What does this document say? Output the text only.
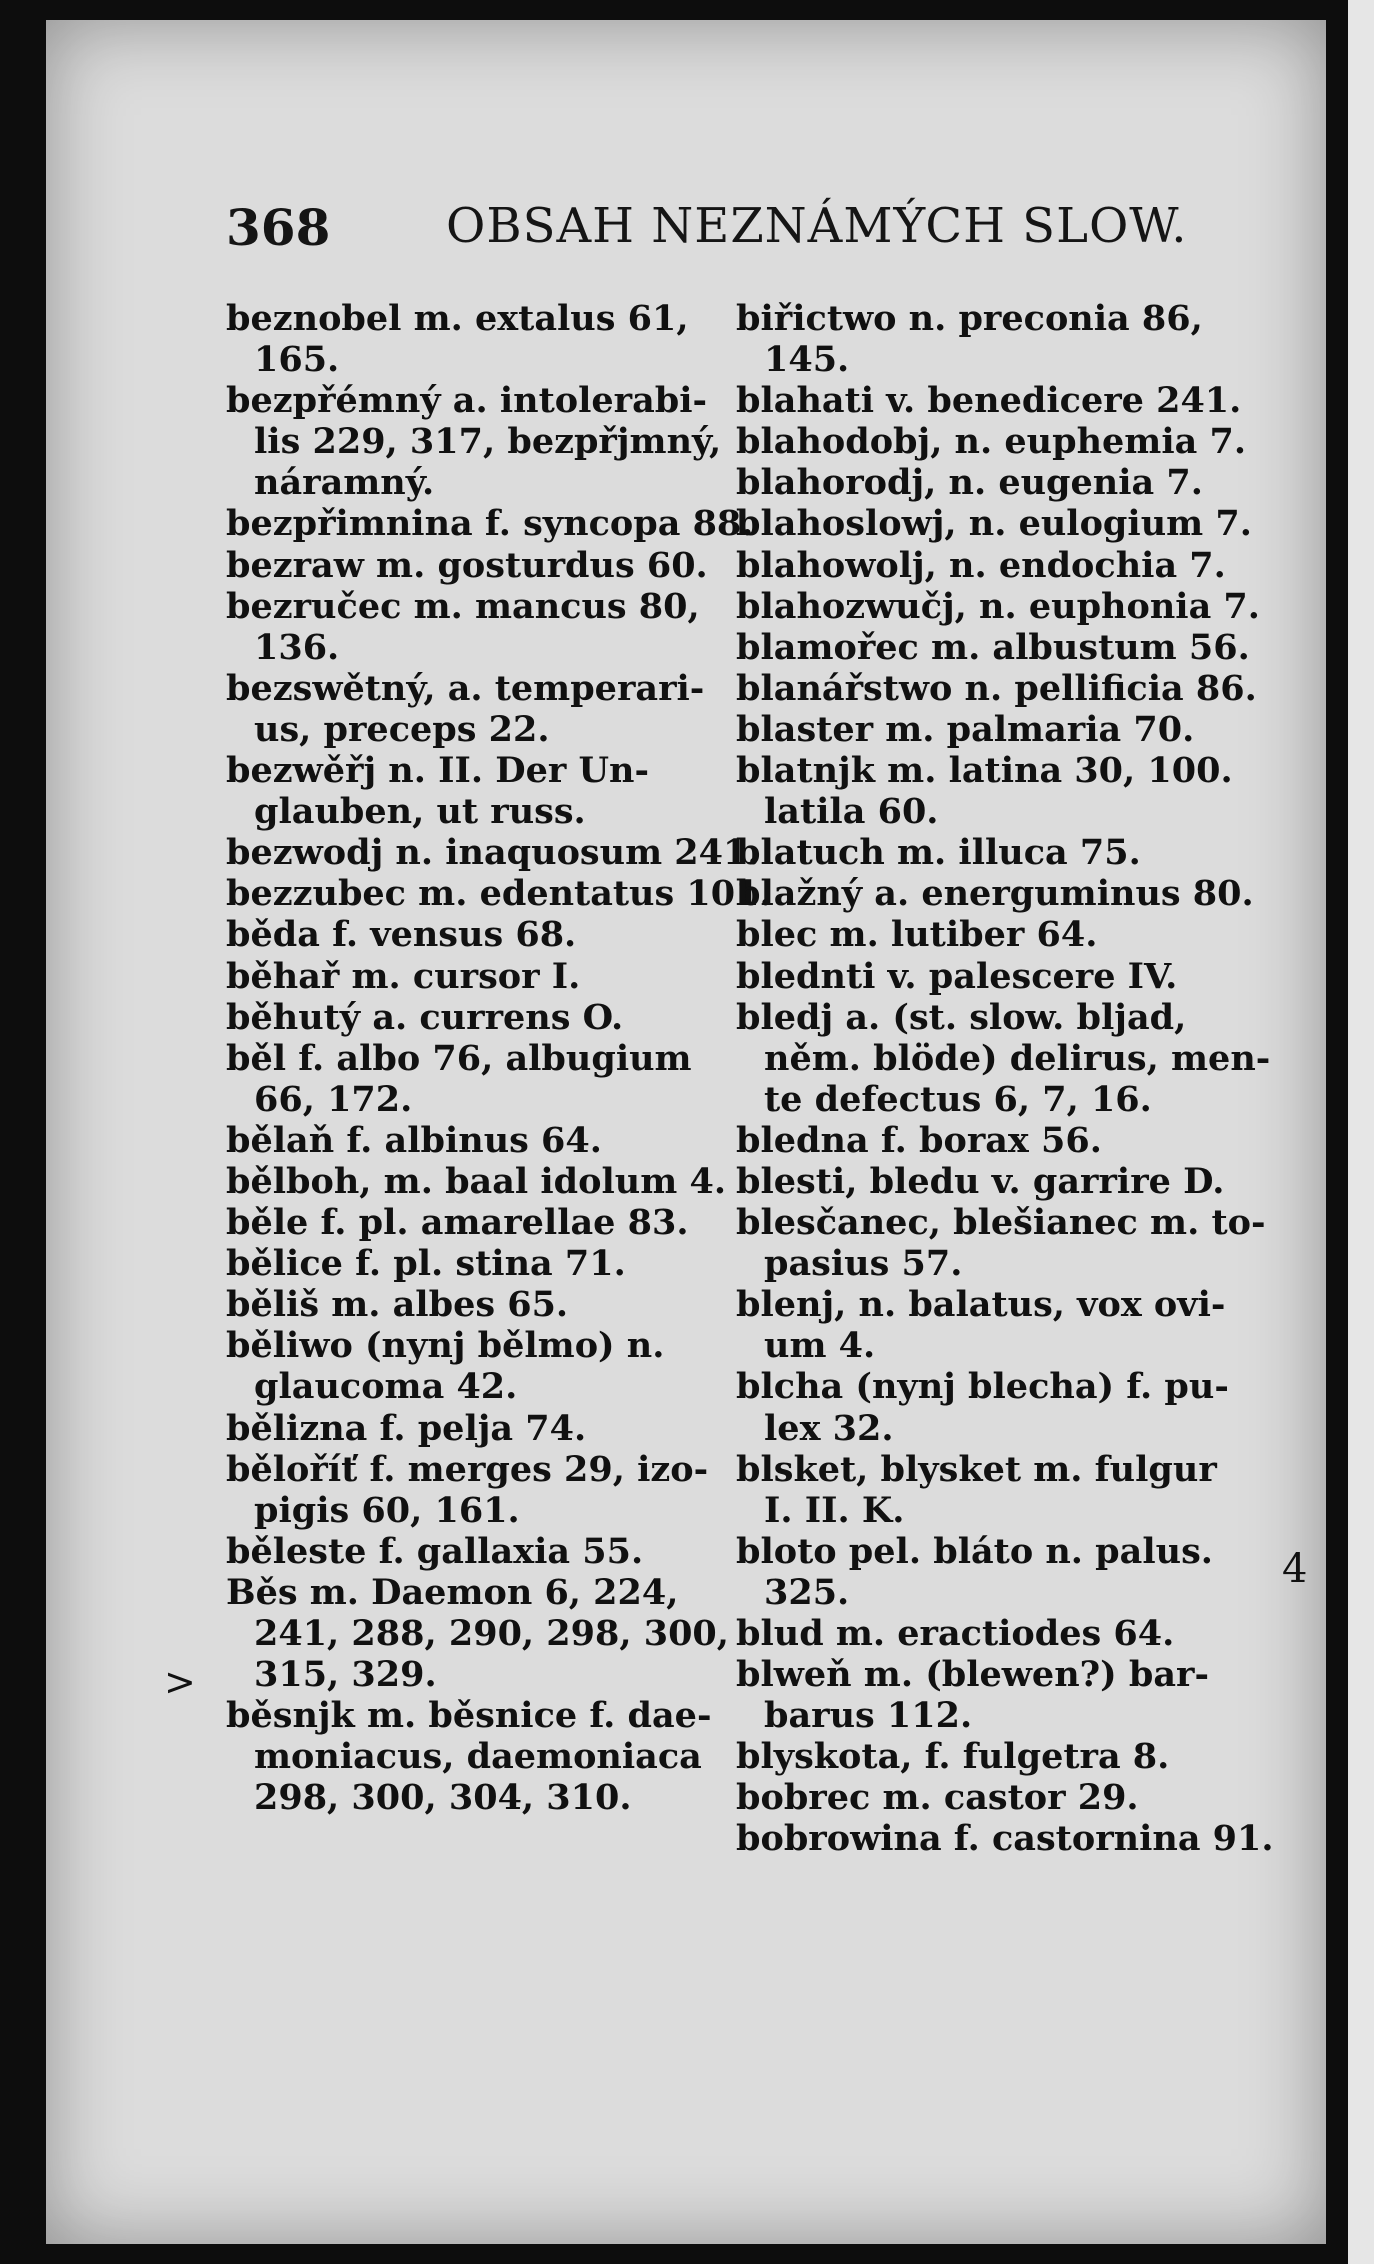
368 OBSAH NEZNÁMÝCH SLOW.
beznobel m. extalus 61,
165.
bezpřémný a. intolerabi-
lis 229, 317, bezpřjmný,
náramný.
bezpřimnina f. syncopa 88.
bezraw m. gosturdus 60.
bezručec m. mancus 80,
136.
bezswětný, a. temperari-
us, preceps 22.
bezwěřj n. II. Der Un-
glauben, ut russ.
bezwodj n. inaquosum 241.
bezzubec m. edentatus 101.
běda f. vensus 68.
běhař m. cursor I.
běhutý a. currens O.
běl f. albo 76, albugium
66, 172.
bělaň f. albinus 64.
bělboh, m. baal idolum 4.
běle f. pl. amarellae 83.
bělice f. pl. stina 71.
běliš m. albes 65.
běliwo (nynj bělmo) n.
glaucoma 42.
bělizna f. pelja 74.
běloříť f. merges 29, izo-
pigis 60, 161.
běleste f. gallaxia 55.
Běs m. Daemon 6, 224,
241, 288, 290, 298, 300,
315, 329.
běsnjk m. běsnice f. dae-
moniacus, daemoniaca
298, 300, 304, 310.
biřictwo n. preconia 86,
145.
blahati v. benedicere 241.
blahodobj, n. euphemia 7.
blahorodj, n. eugenia 7.
blahoslowj, n. eulogium 7.
blahowolj, n. endochia 7.
blahozwučj, n. euphonia 7.
blamořec m. albustum 56.
blanářstwo n. pellificia 86.
blaster m. palmaria 70.
blatnjk m. latina 30, 100.
latila 60.
blatuch m. illuca 75.
blažný a. energuminus 80.
blec m. lutiber 64.
blednti v. palescere IV.
bledj a. (st. slow. bljad,
něm. blöde) delirus, men-
te defectus 6, 7, 16.
bledna f. borax 56.
blesti, bledu v. garrire D.
blesčanec, blešianec m. to-
pasius 57.
blenj, n. balatus, vox ovi-
um 4.
blcha (nynj blecha) f. pu-
lex 32.
blsket, blysket m. fulgur
I. II. K.
bloto pel. bláto n. palus.
325.
blud m. eractiodes 64.
blweň m. (blewen?) bar-
barus 112.
blyskota, f. fulgetra 8.
bobrec m. castor 29.
bobrowina f. castornina 91.
>
4
